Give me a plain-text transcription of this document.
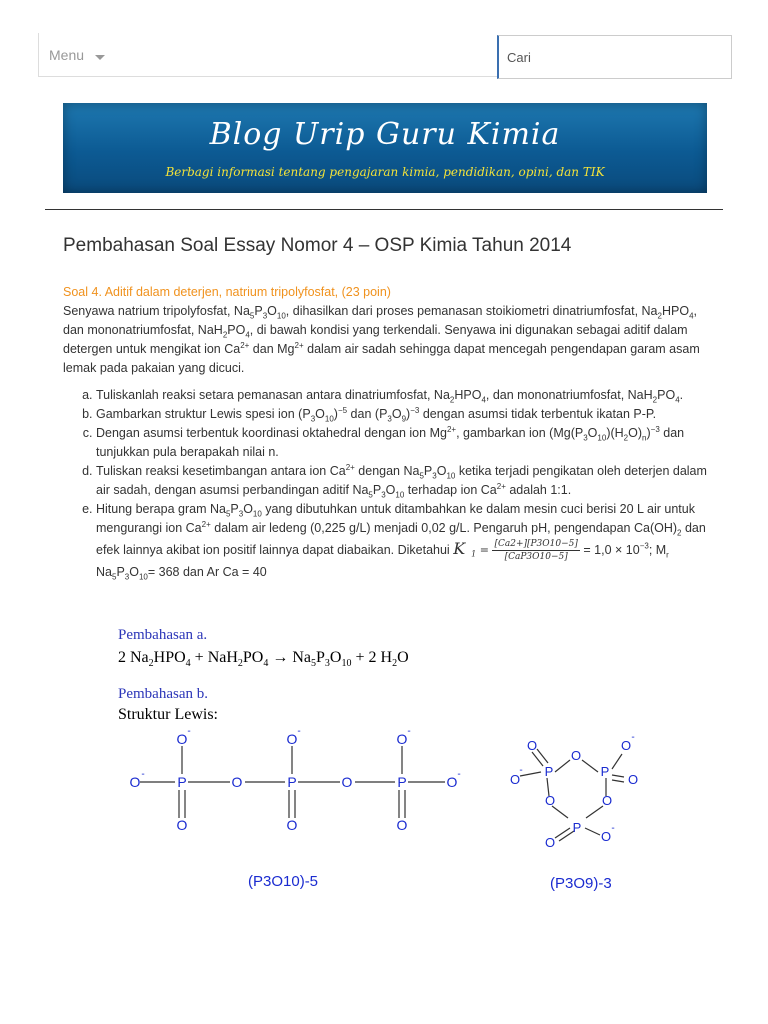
Menu
Cari
Blog Urip Guru Kimia
Berbagi informasi tentang pengajaran kimia, pendidikan, opini, dan TIK
Pembahasan Soal Essay Nomor 4 – OSP Kimia Tahun 2014

Soal 4. Aditif dalam deterjen, natrium tripolyfosfat, (23 poin)

Senyawa natrium tripolyfosfat, $Na_5P_3O_{10}$, dihasilkan dari proses pemanasan stoikiometri dinatriumfosfat, $Na_2HPO_4$, dan mononatriumfosfat, $NaH_2PO_4$, di bawah kondisi yang terkendali. Senyawa ini digunakan sebagai aditif dalam detergen untuk mengikat ion $Ca^{2+}$ dan $Mg^{2+}$ dalam air sadah sehingga dapat mencegah pengendapan garam asam lemak pada pakaian yang dicuci.

a. Tuliskanlah reaksi setara pemanasan antara dinatriumfosfat, $Na_2HPO_4$, dan mononatriumfosfat, $NaH_2PO_4$.
b. Gambarkan struktur Lewis spesi ion $(P_3O_{10})^{-5}$ dan $(P_3O_9)^{-3}$ dengan asumsi tidak terbentuk ikatan P-P.
c. Dengan asumsi terbentuk koordinasi oktahedral dengan ion $Mg^{2+}$, gambarkan ion $(Mg(P_3O_{10})(H_2O)_n)^{-3}$ dan tunjukkan pula berapakah nilai n.
d. Tuliskan reaksi kesetimbangan antara ion $Ca^{2+}$ dengan $Na_5P_3O_{10}$ ketika terjadi pengikatan oleh deterjen dalam air sadah, dengan asumsi perbandingan aditif $Na_5P_3O_{10}$ terhadap ion $Ca^{2+}$ adalah 1:1.
e. Hitung berapa gram $Na_5P_3O_{10}$ yang dibutuhkan untuk ditambahkan ke dalam mesin cuci berisi 20 L air untuk mengurangi ion $Ca^{2+}$ dalam air ledeng (0,225 g/L) menjadi 0,02 g/L. Pengaruh pH, pengendapan $Ca(OH)_2$ dan efek lainnya akibat ion positif lainnya dapat diabaikan. Diketahui K $_1 = \frac{[Ca2+][P3O10-5]}{\text{[CaP3O10−5]}} = 1,0 \times 10^{-3}$; $M_r$ $Na_5P_3O_{10}= 368$ dan Ar Ca = 40
Pembahasan a.
2 $Na_2HPO_4 + NaH_2PO_4 \to Na_5P_3O_{10} + 2$ $H_2O$
Pembahasan b.
Struktur Lewis:
O -	O -	O -
O - P	O	P	O	P	O -
O	O	O
O
O
O
-
O
- P	P
O
O	O
P
O	O
-
(P3O10)-5	(P3O9)-3
